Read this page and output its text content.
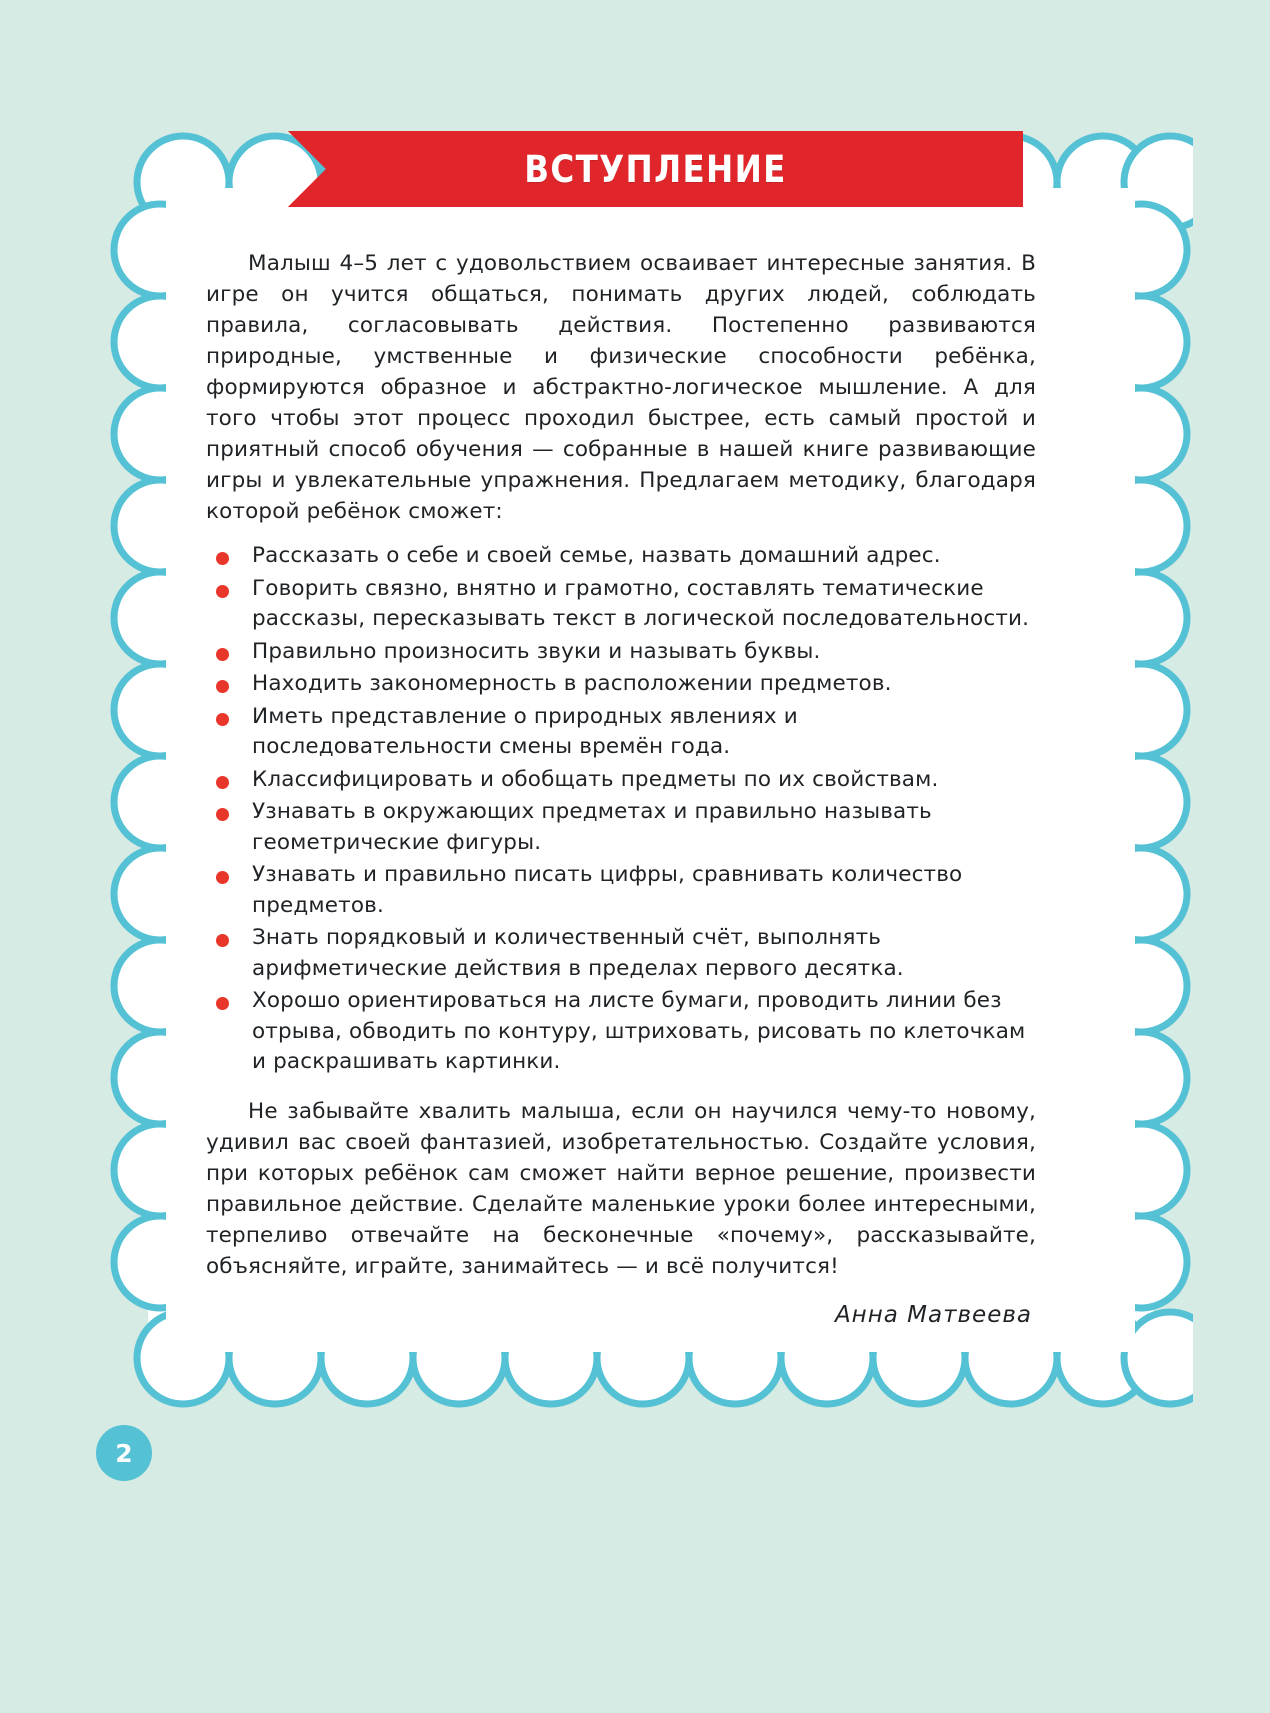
ВСТУПЛЕНИЕ

Малыш 4–5 лет с удовольствием осваивает интересные занятия. В игре он учится общаться, понимать других людей, соблюдать правила, согласовывать действия. Постепенно развиваются природные, умственные и физические способности ребёнка, формируются образное и абстрактно-логическое мышление. А для того чтобы этот процесс проходил быстрее, есть самый простой и приятный способ обучения — собранные в нашей книге развивающие игры и увлекательные упражнения. Предлагаем методику, благодаря которой ребёнок сможет:

Рассказать о себе и своей семье, назвать домашний адрес.
Говорить связно, внятно и грамотно, составлять тематические рассказы, пересказывать текст в логической последовательности.
Правильно произносить звуки и называть буквы.
Находить закономерность в расположении предметов.
Иметь представление о природных явлениях и последовательности смены времён года.
Классифицировать и обобщать предметы по их свойствам.
Узнавать в окружающих предметах и правильно называть геометрические фигуры.
Узнавать и правильно писать цифры, сравнивать количество предметов.
Знать порядковый и количественный счёт, выполнять арифметические действия в пределах первого десятка.
Хорошо ориентироваться на листе бумаги, проводить линии без отрыва, обводить по контуру, штриховать, рисовать по клеточкам и раскрашивать картинки.

Не забывайте хвалить малыша, если он научился чему-то новому, удивил вас своей фантазией, изобретательностью. Создайте условия, при которых ребёнок сам сможет найти верное решение, произвести правильное действие. Сделайте маленькие уроки более интересными, терпеливо отвечайте на бесконечные «почему», рассказывайте, объясняйте, играйте, занимайтесь — и всё получится!

Анна Матвеева
2
